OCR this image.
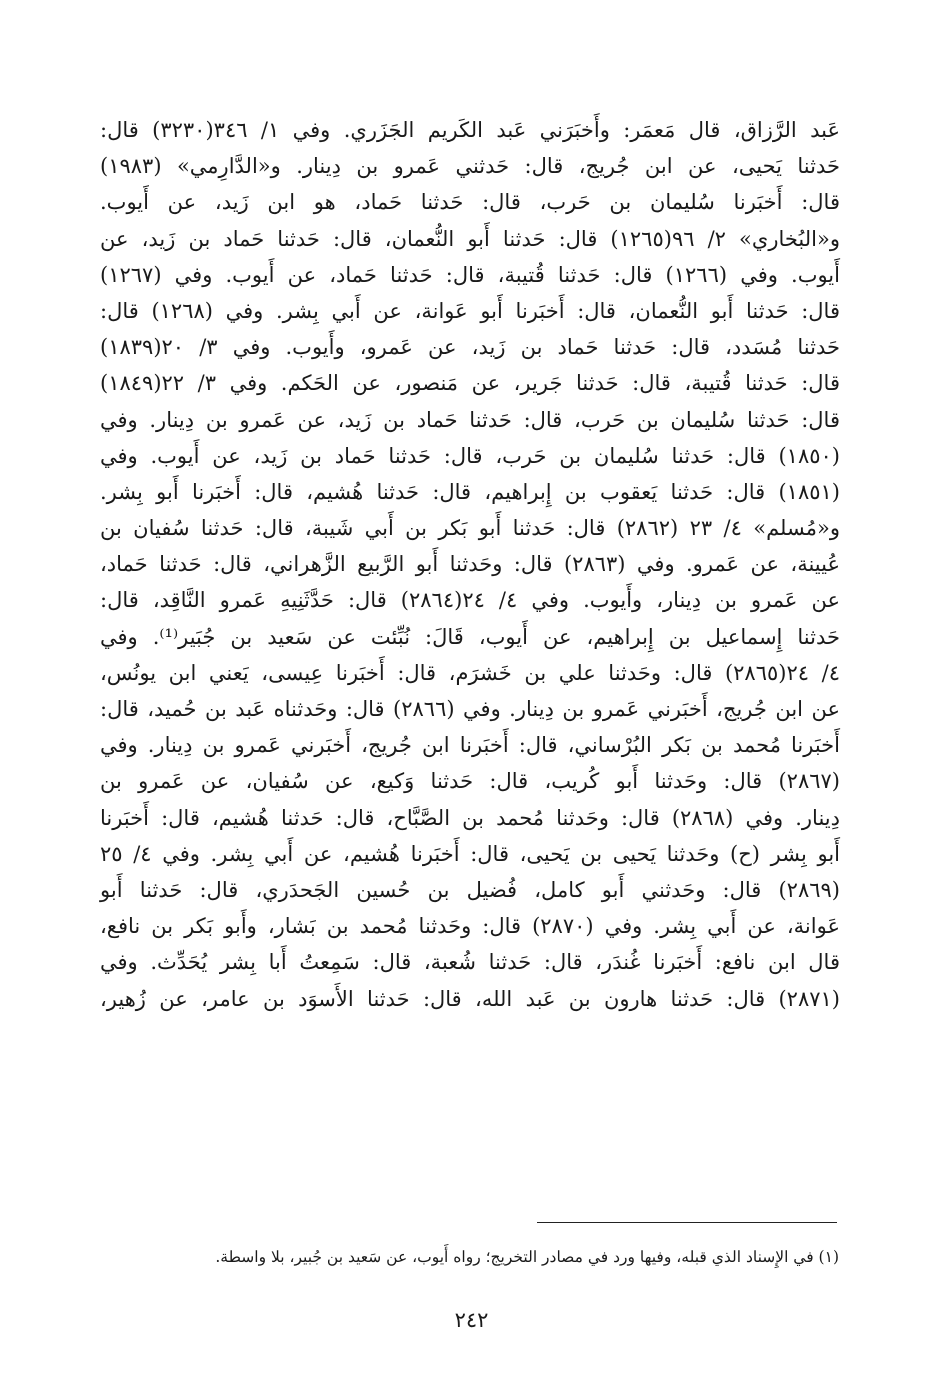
عَبد الرَّزاق، قال مَعمَر: وأَخبَرَني عَبد الكَريم الجَزَري. وفي ١/ ٣٤٦(٣٢٣٠) قال:
حَدثنا يَحيى، عن ابن جُريج، قال: حَدثني عَمرو بن دِينار. و«الدَّارِمي» (١٩٨٣)
قال: أَخبَرنا سُليمان بن حَرب، قال: حَدثنا حَماد، هو ابن زَيد، عن أَيوب.
و«البُخاري» ٢/ ٩٦(١٢٦٥) قال: حَدثنا أَبو النُّعمان، قال: حَدثنا حَماد بن زَيد، عن
أَيوب. وفي (١٢٦٦) قال: حَدثنا قُتيبة، قال: حَدثنا حَماد، عن أَيوب. وفي (١٢٦٧)
قال: حَدثنا أَبو النُّعمان، قال: أَخبَرنا أَبو عَوانة، عن أَبي بِشر. وفي (١٢٦٨) قال:
حَدثنا مُسَدد، قال: حَدثنا حَماد بن زَيد، عن عَمرو، وأَيوب. وفي ٣/ ٢٠(١٨٣٩)
قال: حَدثنا قُتيبة، قال: حَدثنا جَرير، عن مَنصور، عن الحَكم. وفي ٣/ ٢٢(١٨٤٩)
قال: حَدثنا سُليمان بن حَرب، قال: حَدثنا حَماد بن زَيد، عن عَمرو بن دِينار. وفي
(١٨٥٠) قال: حَدثنا سُليمان بن حَرب، قال: حَدثنا حَماد بن زَيد، عن أَيوب. وفي
(١٨٥١) قال: حَدثنا يَعقوب بن إِبراهيم، قال: حَدثنا هُشيم، قال: أَخبَرنا أَبو بِشر.
و«مُسلم» ٤/ ٢٣ (٢٨٦٢) قال: حَدثنا أَبو بَكر بن أَبي شَيبة، قال: حَدثنا سُفيان بن
عُيينة، عن عَمرو. وفي (٢٨٦٣) قال: وحَدثنا أَبو الرَّبيع الزَّهراني، قال: حَدثنا حَماد،
عن عَمرو بن دِينار، وأَيوب. وفي ٤/ ٢٤(٢٨٦٤) قال: حَدَّثَنِيهِ عَمرو النَّاقِد، قال:
حَدثنا إِسماعيل بن إِبراهيم، عن أَيوب، قَالَ: نُبِّئت عن سَعيد بن جُبَير⁽¹⁾. وفي
٤/ ٢٤(٢٨٦٥) قال: وحَدثنا علي بن خَشرَم، قال: أَخبَرنا عِيسى، يَعني ابن يونُس،
عن ابن جُريج، أَخبَرني عَمرو بن دِينار. وفي (٢٨٦٦) قال: وحَدثناه عَبد بن حُميد، قال:
أَخبَرنا مُحمد بن بَكر البُرْساني، قال: أَخبَرنا ابن جُريج، أَخبَرني عَمرو بن دِينار. وفي
(٢٨٦٧) قال: وحَدثنا أَبو كُريب، قال: حَدثنا وَكيع، عن سُفيان، عن عَمرو بن
دِينار. وفي (٢٨٦٨) قال: وحَدثنا مُحمد بن الصَّبَّاح، قال: حَدثنا هُشيم، قال: أَخبَرنا
أَبو بِشر (ح) وحَدثنا يَحيى بن يَحيى، قال: أَخبَرنا هُشيم، عن أَبي بِشر. وفي ٤/ ٢٥
(٢٨٦٩) قال: وحَدثني أَبو كامل، فُضيل بن حُسين الجَحدَري، قال: حَدثنا أَبو
عَوانة، عن أَبي بِشر. وفي (٢٨٧٠) قال: وحَدثنا مُحمد بن بَشار، وأَبو بَكر بن نافع،
قال ابن نافع: أَخبَرنا غُندَر، قال: حَدثنا شُعبة، قال: سَمِعتُ أَبا بِشر يُحَدِّث. وفي
(٢٨٧١) قال: حَدثنا هارون بن عَبد الله، قال: حَدثنا الأَسوَد بن عامر، عن زُهير،
(١) في الإِسناد الذي قبله، وفيها ورد في مصادر التخريج؛ رواه أَيوب، عن سَعيد بن جُبير، بلا واسطة.
٢٤٢
